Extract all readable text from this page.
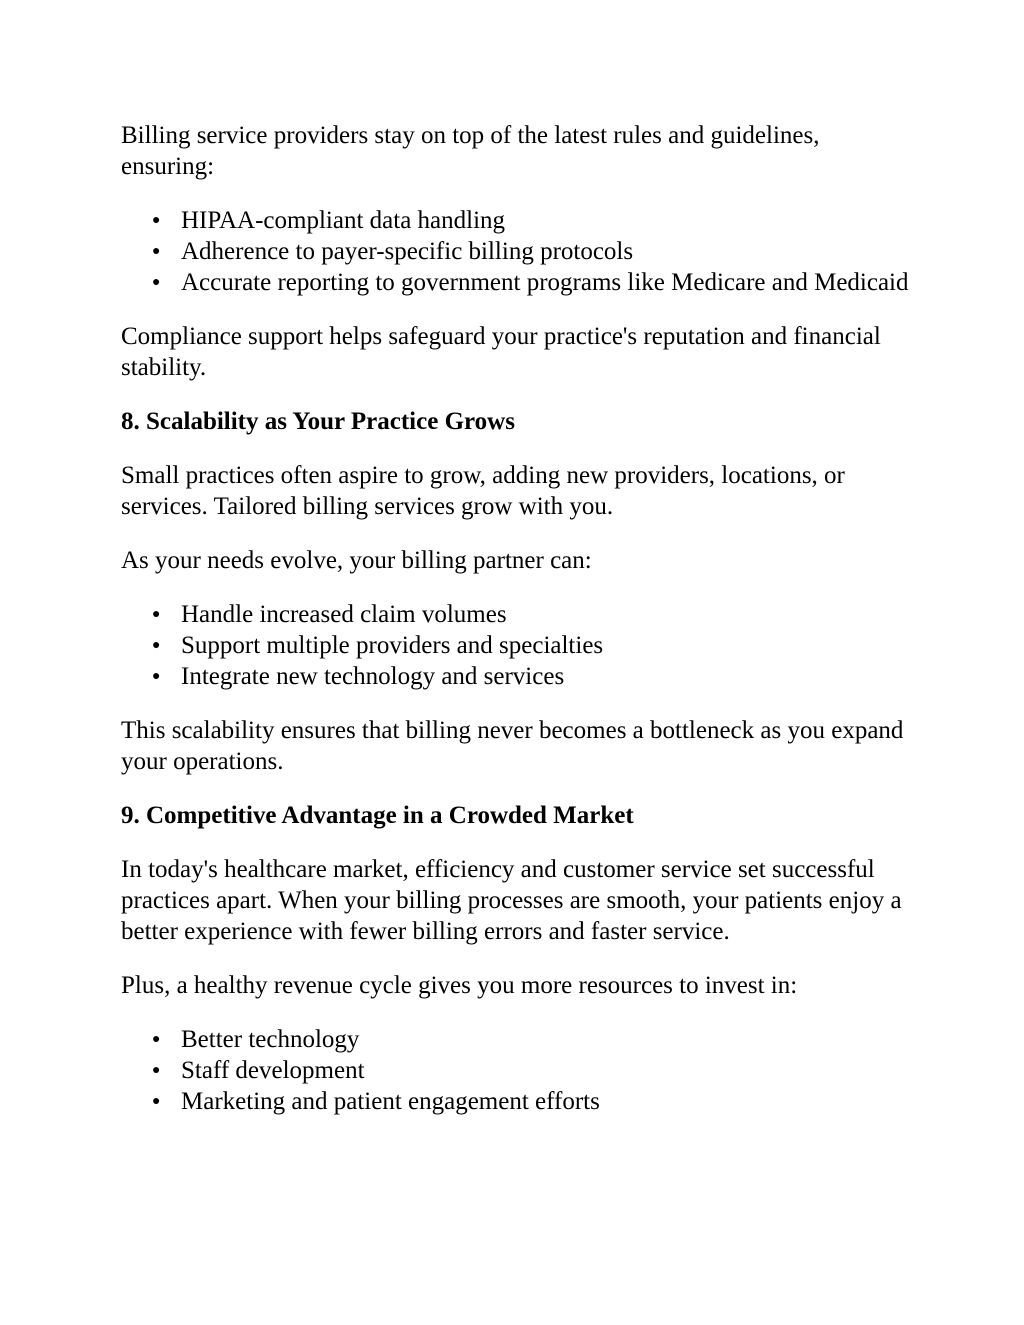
Billing service providers stay on top of the latest rules and guidelines, ensuring:

● HIPAA-compliant data handling
● Adherence to payer-specific billing protocols
● Accurate reporting to government programs like Medicare and Medicaid

Compliance support helps safeguard your practice's reputation and financial stability.

8. Scalability as Your Practice Grows

Small practices often aspire to grow, adding new providers, locations, or services. Tailored billing services grow with you.

As your needs evolve, your billing partner can:

● Handle increased claim volumes
● Support multiple providers and specialties
● Integrate new technology and services

This scalability ensures that billing never becomes a bottleneck as you expand your operations.

9. Competitive Advantage in a Crowded Market

In today's healthcare market, efficiency and customer service set successful practices apart. When your billing processes are smooth, your patients enjoy a better experience with fewer billing errors and faster service.

Plus, a healthy revenue cycle gives you more resources to invest in:

● Better technology
● Staff development
● Marketing and patient engagement efforts
